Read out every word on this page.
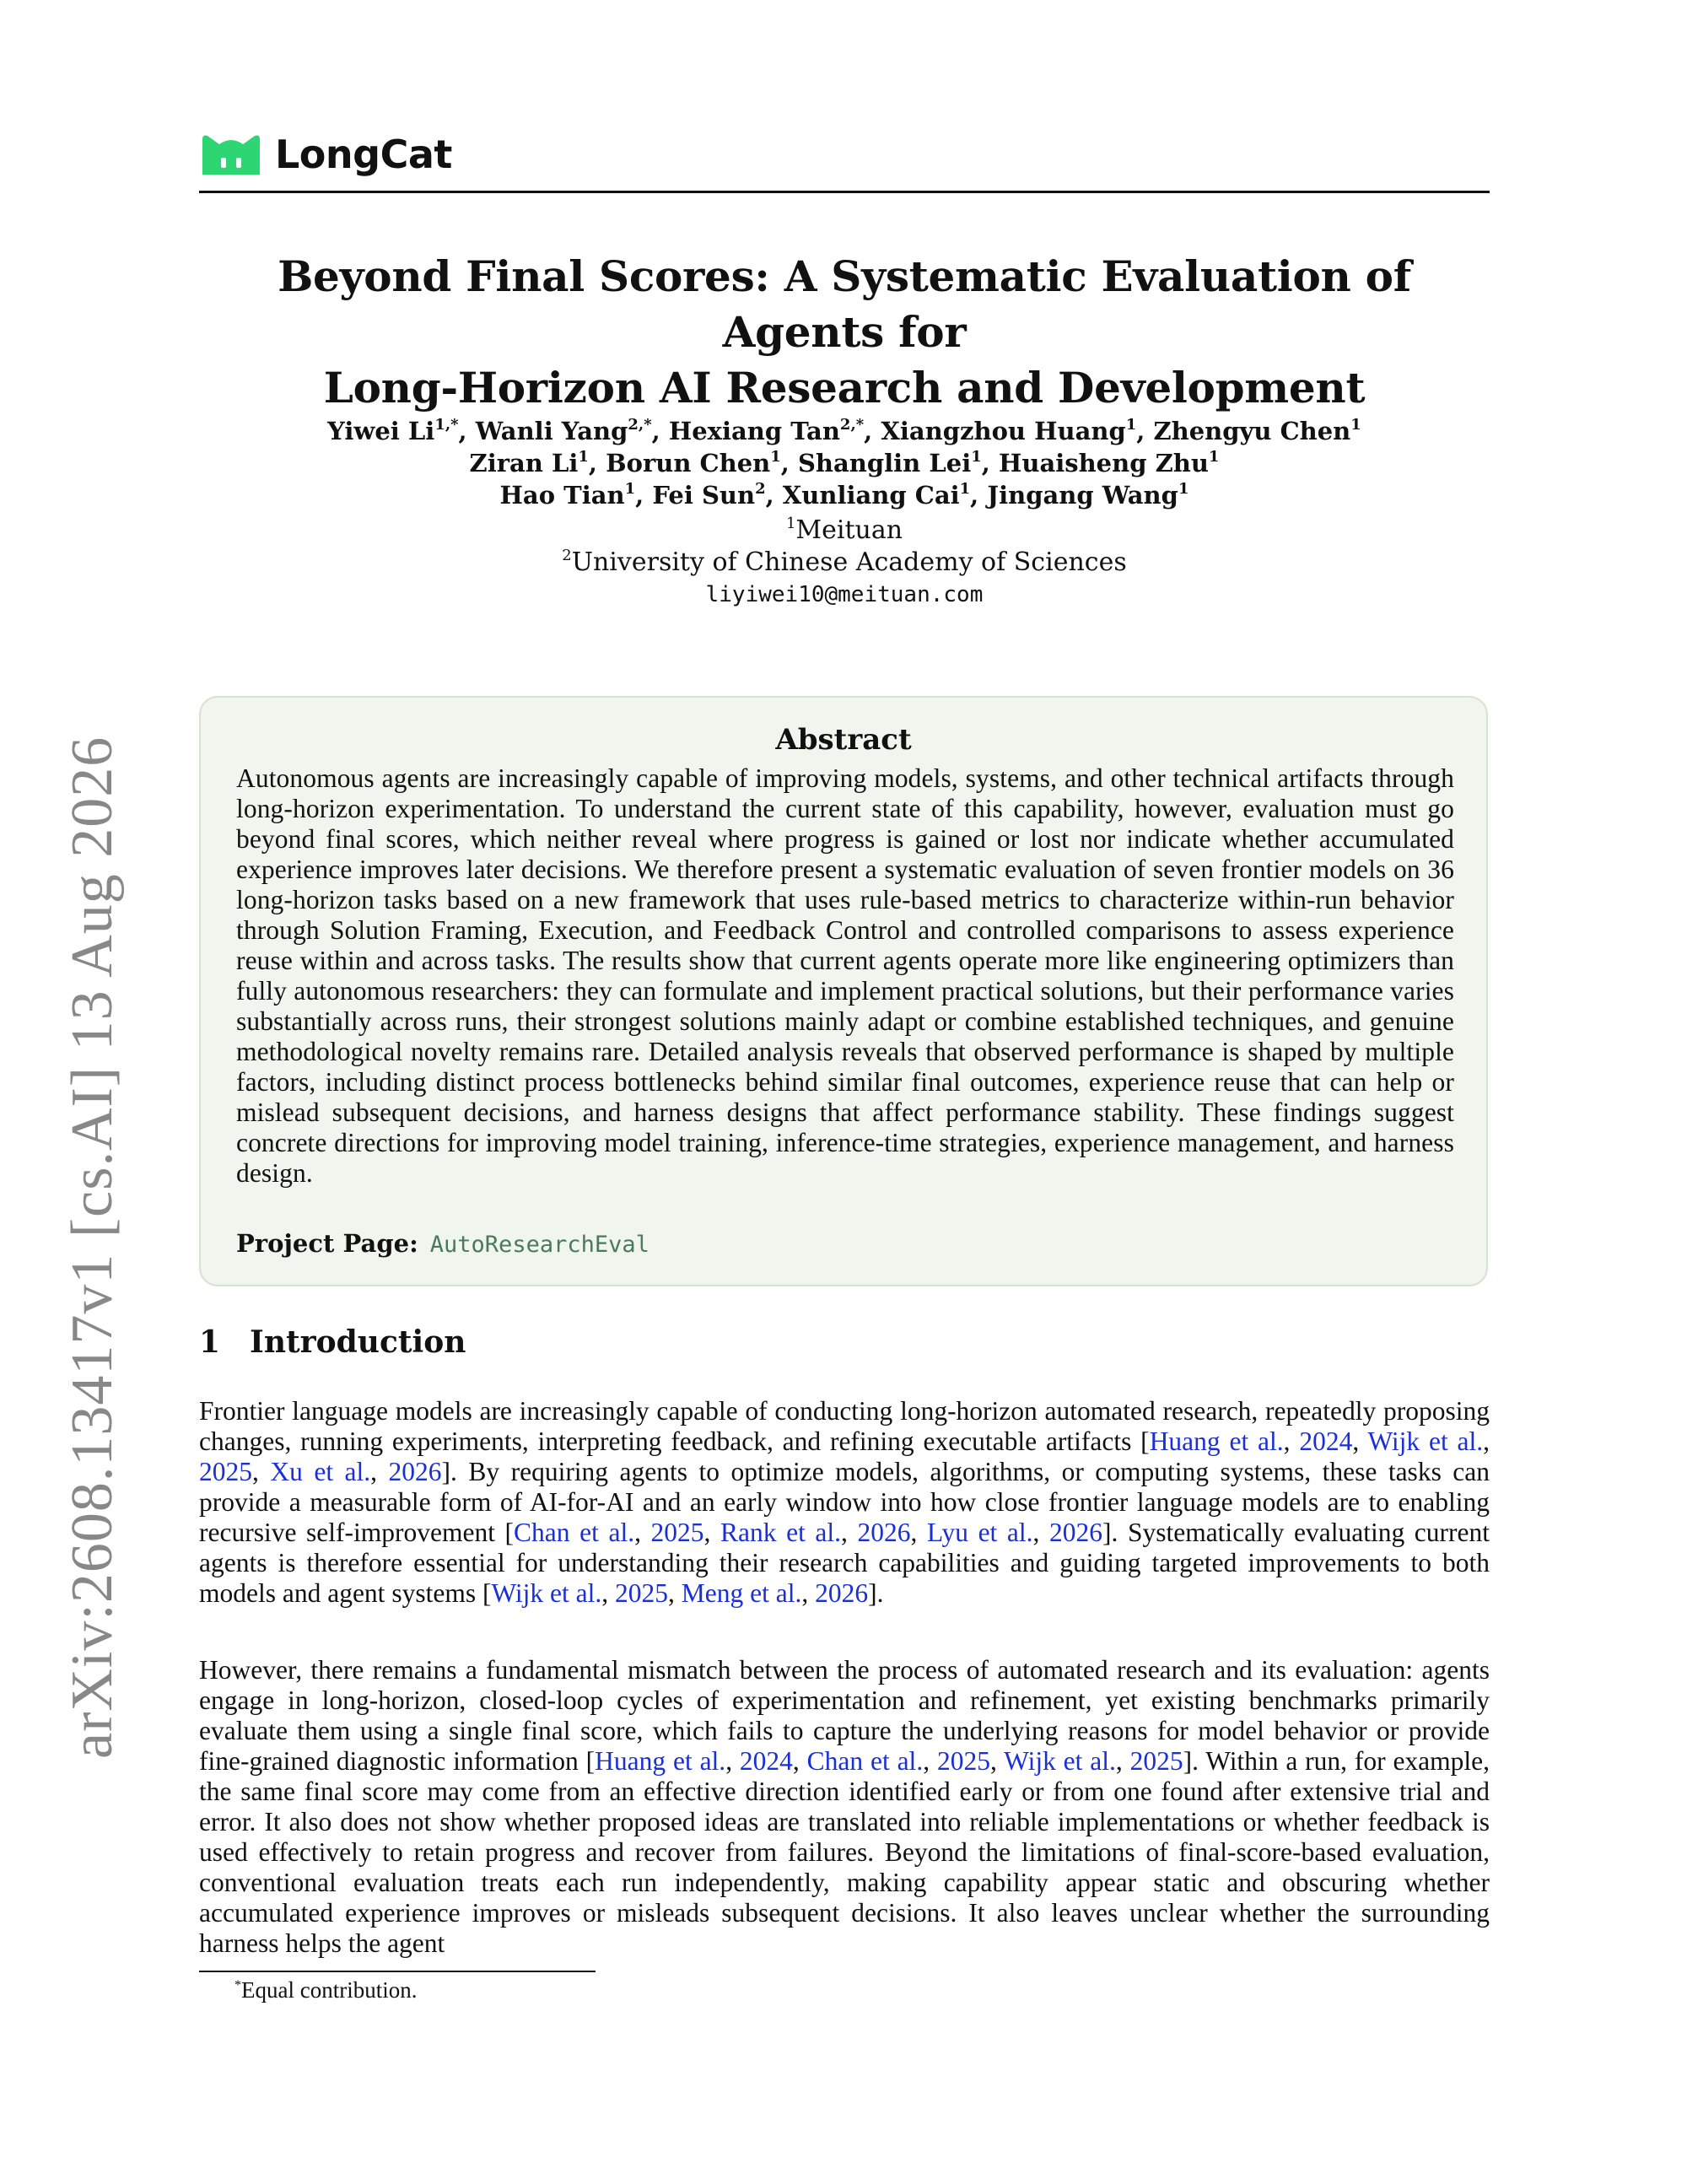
arXiv:2608.13417v1 [cs.AI] 13 Aug 2026
LongCat
Beyond Final Scores: A Systematic Evaluation of Agents for
Long-Horizon AI Research and Development
Yiwei $Li^{1,*}$, Wanli Yang$^{2,*}$, Hexiang Tan$^{2,*}$, Xiangzhou Huang$^1$, Zhengyu Chen$^1$
Ziran Li$^1$, Borun Chen$^1$, Shanglin Lei$^1$, Huaisheng Zhu$^1$
Hao Tian$^1$, Fei Sun$^2$, Xunliang Cai$^1$, Jingang Wang$^1$
$^1$Meituan
$^2$University of Chinese Academy of Sciences
liyiwei10@meituan.com
Abstract
Autonomous agents are increasingly capable of improving models, systems, and other technical artifacts through long-horizon experimentation. To understand the current state of this capability, however, evaluation must go beyond final scores, which neither reveal where progress is gained or lost nor indicate whether accumulated experience improves later decisions. We therefore present a systematic evaluation of seven frontier models on 36 long-horizon tasks based on a new framework that uses rule-based metrics to characterize within-run behavior through Solution Framing, Execution, and Feedback Control and controlled comparisons to assess experience reuse within and across tasks. The results show that current agents operate more like engineering optimizers than fully autonomous researchers: they can formulate and implement practical solutions, but their performance varies substantially across runs, their strongest solutions mainly adapt or combine established techniques, and genuine methodological novelty remains rare. Detailed analysis reveals that observed performance is shaped by multiple factors, including distinct process bottlenecks behind similar final outcomes, experience reuse that can help or mislead subsequent decisions, and harness designs that affect performance stability. These findings suggest concrete directions for improving model training, inference-time strategies, experience management, and harness design.
Project Page: AutoResearchEval
1 Introduction
Frontier language models are increasingly capable of conducting long-horizon automated research, repeatedly proposing changes, running experiments, interpreting feedback, and refining executable artifacts [Huang et al., 2024, Wijk et al., 2025, Xu et al., 2026]. By requiring agents to optimize models, algorithms, or computing systems, these tasks can provide a measurable form of AI-for-AI and an early window into how close frontier language models are to enabling recursive self-improvement [Chan et al., 2025, Rank et al., 2026, Lyu et al., 2026]. Systematically evaluating current agents is therefore essential for understanding their research capabilities and guiding targeted improvements to both models and agent systems [Wijk et al., 2025, Meng et al., 2026].
However, there remains a fundamental mismatch between the process of automated research and its evaluation: agents engage in long-horizon, closed-loop cycles of experimentation and refinement, yet existing benchmarks primarily evaluate them using a single final score, which fails to capture the underlying reasons for model behavior or provide fine-grained diagnostic information [Huang et al., 2024, Chan et al., 2025, Wijk et al., 2025]. Within a run, for example, the same final score may come from an effective direction identified early or from one found after extensive trial and error. It also does not show whether proposed ideas are translated into reliable implementations or whether feedback is used effectively to retain progress and recover from failures. Beyond the limitations of final-score-based evaluation, conventional evaluation treats each run independently, making capability appear static and obscuring whether accumulated experience improves or misleads subsequent decisions. It also leaves unclear whether the surrounding harness helps the agent
*Equal contribution.
